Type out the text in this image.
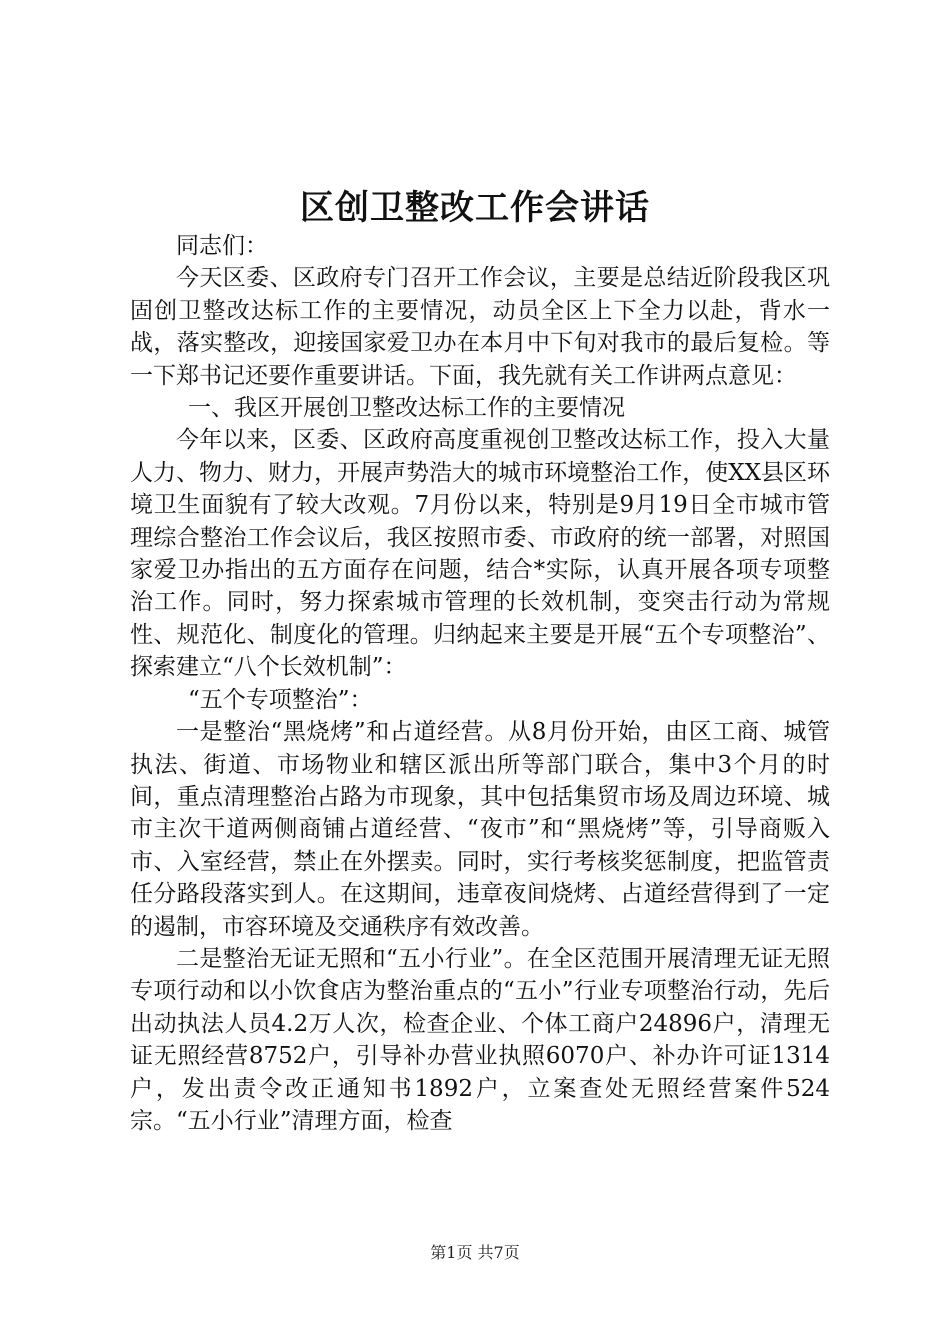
区创卫整改工作会讲话

同志们：

今天区委、区政府专门召开工作会议，主要是总结近阶段我区巩固创卫整改达标工作的主要情况，动员全区上下全力以赴，背水一战，落实整改，迎接国家爱卫办在本月中下旬对我市的最后复检。等一下郑书记还要作重要讲话。下面，我先就有关工作讲两点意见：

一、我区开展创卫整改达标工作的主要情况

今年以来，区委、区政府高度重视创卫整改达标工作，投入大量人力、物力、财力，开展声势浩大的城市环境整治工作，使XX县区环境卫生面貌有了较大改观。7月份以来，特别是9月19日全市城市管理综合整治工作会议后，我区按照市委、市政府的统一部署，对照国家爱卫办指出的五方面存在问题，结合*实际，认真开展各项专项整治工作。同时，努力探索城市管理的长效机制，变突击行动为常规性、规范化、制度化的管理。归纳起来主要是开展“五个专项整治”、探索建立“八个长效机制”：

“五个专项整治”：

一是整治“黑烧烤”和占道经营。从8月份开始，由区工商、城管执法、街道、市场物业和辖区派出所等部门联合，集中3个月的时间，重点清理整治占路为市现象，其中包括集贸市场及周边环境、城市主次干道两侧商铺占道经营、“夜市”和“黑烧烤”等，引导商贩入市、入室经营，禁止在外摆卖。同时，实行考核奖惩制度，把监管责任分路段落实到人。在这期间，违章夜间烧烤、占道经营得到了一定的遏制，市容环境及交通秩序有效改善。

二是整治无证无照和“五小行业”。在全区范围开展清理无证无照专项行动和以小饮食店为整治重点的“五小”行业专项整治行动，先后出动执法人员4.2万人次，检查企业、个体工商户24896户，清理无证无照经营8752户，引导补办营业执照6070户、补办许可证1314户，发出责令改正通知书1892户，立案查处无照经营案件524宗。“五小行业”清理方面，检查

第1页 共7页
